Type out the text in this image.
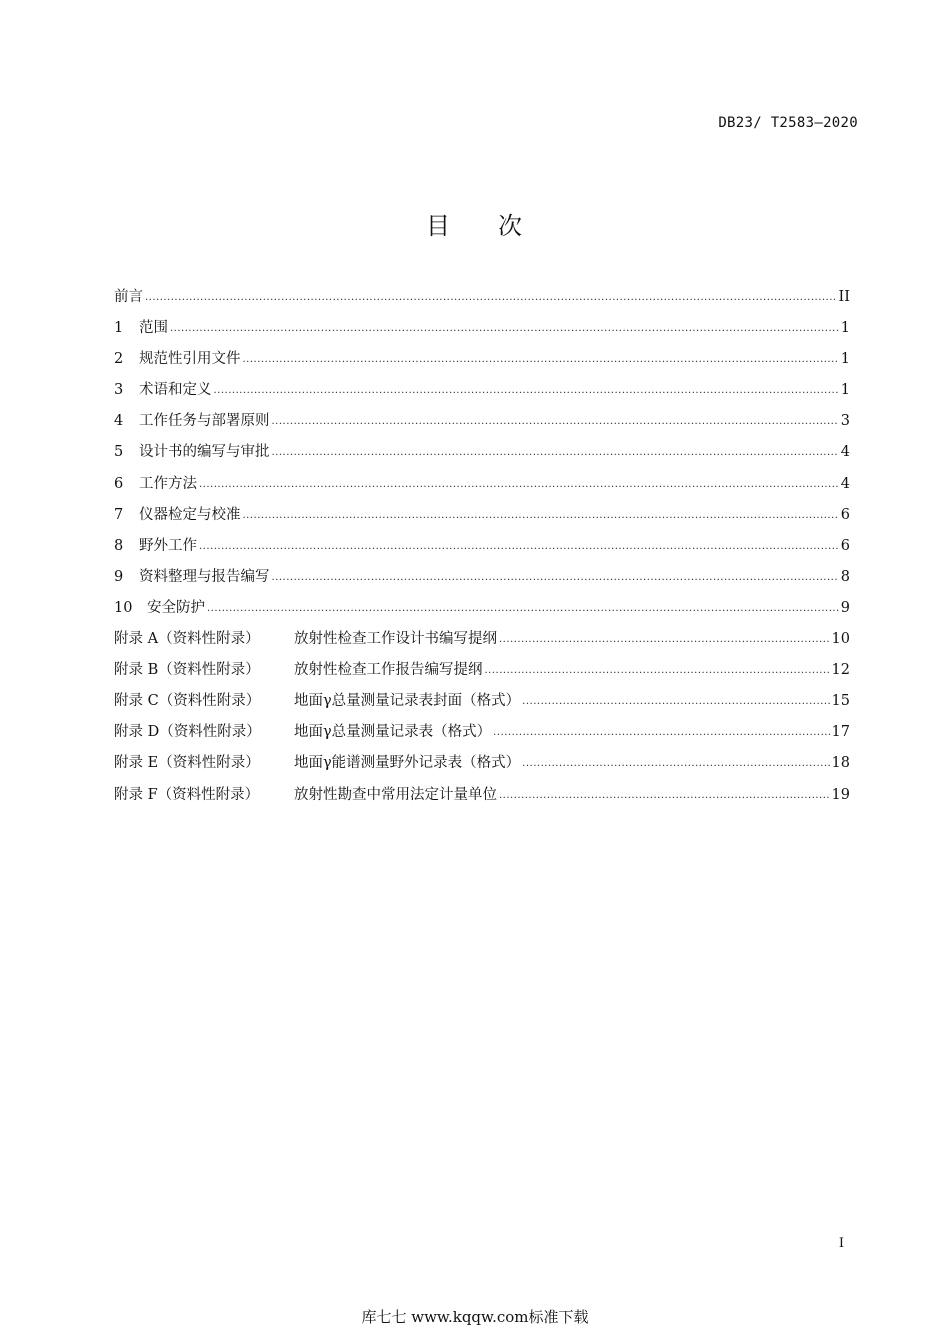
DB23/ T2583—2020
目 次
前言 .....	II
1	范围 .....	1
2	规范性引用文件 .....	1
3	术语和定义 .....	1
4	工作任务与部署原则 .....	3
5	设计书的编写与审批 .....	4
6	工作方法 .....	4
7	仪器检定与校准 .....	6
8	野外工作 .....	6
9	资料整理与报告编写 .....	8
10	安全防护 .....	9
附录 A（资料性附录）	放射性检查工作设计书编写提纲 .....	10
附录 B（资料性附录）	放射性检查工作报告编写提纲 .....	12
附录 C（资料性附录）	地面γ总量测量记录表封面（格式） .....	15
附录 D（资料性附录）	地面γ总量测量记录表（格式） .....	17
附录 E（资料性附录）	地面γ能谱测量野外记录表（格式） .....	18
附录 F（资料性附录）	放射性勘查中常用法定计量单位 .....	19
I
库七七 www.kqqw.com标准下载
